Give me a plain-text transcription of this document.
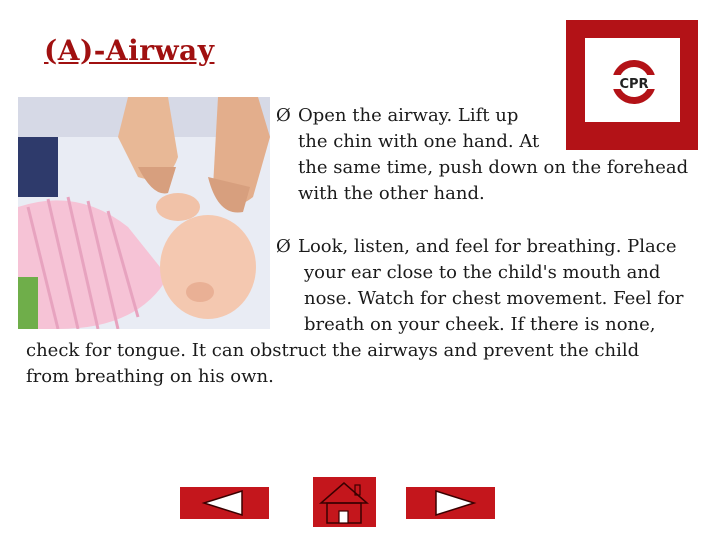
(A)-Airway
CPR
Ø Open the airway. Lift up
the chin with one hand. At
the same time, push down on the forehead
with the other hand.
Ø Look, listen, and feel for breathing. Place
your ear close to the child's mouth and
nose. Watch for chest movement. Feel for
breath on your cheek. If there is none,
check for tongue. It can obstruct the airways and prevent the child
from breathing on his own.
